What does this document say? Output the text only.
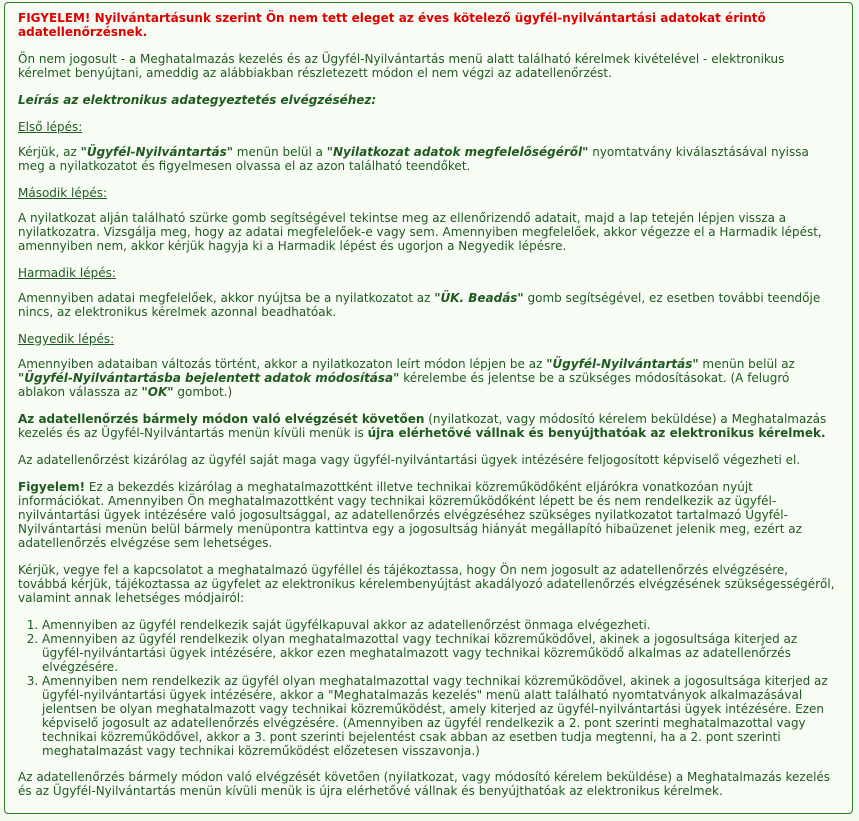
FIGYELEM! Nyilvántartásunk szerint Ön nem tett eleget az éves kötelező ügyfél-nyilvántartási adatokat érintő adatellenőrzésnek.

Ön nem jogosult - a Meghatalmazás kezelés és az Ügyfél-Nyilvántartás menü alatt található kérelmek kivételével - elektronikus kérelmet benyújtani, ameddig az alábbiakban részletezett módon el nem végzi az adatellenőrzést.

Leírás az elektronikus adategyeztetés elvégzéséhez:

Első lépés:

Kérjük, az "Ügyfél-Nyilvántartás" menün belül a "Nyilatkozat adatok megfelelőségéről" nyomtatvány kiválasztásával nyissa meg a nyilatkozatot és figyelmesen olvassa el az azon található teendőket.

Második lépés:

A nyilatkozat alján található szürke gomb segítségével tekintse meg az ellenőrizendő adatait, majd a lap tetején lépjen vissza a nyilatkozatra. Vizsgálja meg, hogy az adatai megfelelőek-e vagy sem. Amennyiben megfelelőek, akkor végezze el a Harmadik lépést, amennyiben nem, akkor kérjük hagyja ki a Harmadik lépést és ugorjon a Negyedik lépésre.

Harmadik lépés:

Amennyiben adatai megfelelőek, akkor nyújtsa be a nyilatkozatot az "ÜK. Beadás" gomb segítségével, ez esetben további teendője nincs, az elektronikus kérelmek azonnal beadhatóak.

Negyedik lépés:

Amennyiben adataiban változás történt, akkor a nyilatkozaton leírt módon lépjen be az "Ügyfél-Nyilvántartás" menün belül az "Ügyfél-Nyilvántartásba bejelentett adatok módosítása" kérelembe és jelentse be a szükséges módosításokat. (A felugró ablakon válassza az "OK" gombot.)

Az adatellenőrzés bármely módon való elvégzését követően (nyilatkozat, vagy módosító kérelem beküldése) a Meghatalmazás kezelés és az Ügyfél-Nyilvántartás menün kívüli menük is újra elérhetővé vállnak és benyújthatóak az elektronikus kérelmek.

Az adatellenőrzést kizárólag az ügyfél saját maga vagy ügyfél-nyilvántartási ügyek intézésére feljogosított képviselő végezheti el.

Figyelem! Ez a bekezdés kizárólag a meghatalmazottként illetve technikai közreműködőként eljárókra vonatkozóan nyújt információkat. Amennyiben Ön meghatalmazottként vagy technikai közreműködőként lépett be és nem rendelkezik az ügyfél-nyilvántartási ügyek intézésére való jogosultsággal, az adatellenőrzés elvégzéséhez szükséges nyilatkozatot tartalmazó Ügyfél-Nyilvántartási menün belül bármely menüpontra kattintva egy a jogosultság hiányát megállapító hibaüzenet jelenik meg, ezért az adatellenőrzés elvégzése sem lehetséges.

Kérjük, vegye fel a kapcsolatot a meghatalmazó ügyféllel és tájékoztassa, hogy Ön nem jogosult az adatellenőrzés elvégzésére, továbbá kérjük, tájékoztassa az ügyfelet az elektronikus kérelembenyújtást akadályozó adatellenőrzés elvégzésének szükségességéről, valamint annak lehetséges módjairól:

1. Amennyiben az ügyfél rendelkezik saját ügyfélkapuval akkor az adatellenőrzést önmaga elvégezheti.
2. Amennyiben az ügyfél rendelkezik olyan meghatalmazottal vagy technikai közreműködővel, akinek a jogosultsága kiterjed az ügyfél-nyilvántartási ügyek intézésére, akkor ezen meghatalmazott vagy technikai közreműködő alkalmas az adatellenőrzés elvégzésére.
3. Amennyiben nem rendelkezik az ügyfél olyan meghatalmazottal vagy technikai közreműködővel, akinek a jogosultsága kiterjed az ügyfél-nyilvántartási ügyek intézésére, akkor a "Meghatalmazás kezelés" menü alatt található nyomtatványok alkalmazásával jelentsen be olyan meghatalmazott vagy technikai közreműködést, amely kiterjed az ügyfél-nyilvántartási ügyek intézésére. Ezen képviselő jogosult az adatellenőrzés elvégzésére. (Amennyiben az ügyfél rendelkezik a 2. pont szerinti meghatalmazottal vagy technikai közreműködővel, akkor a 3. pont szerinti bejelentést csak abban az esetben tudja megtenni, ha a 2. pont szerinti meghatalmazást vagy technikai közreműködést előzetesen visszavonja.)

Az adatellenőrzés bármely módon való elvégzését követően (nyilatkozat, vagy módosító kérelem beküldése) a Meghatalmazás kezelés és az Ügyfél-Nyilvántartás menün kívüli menük is újra elérhetővé vállnak és benyújthatóak az elektronikus kérelmek.
